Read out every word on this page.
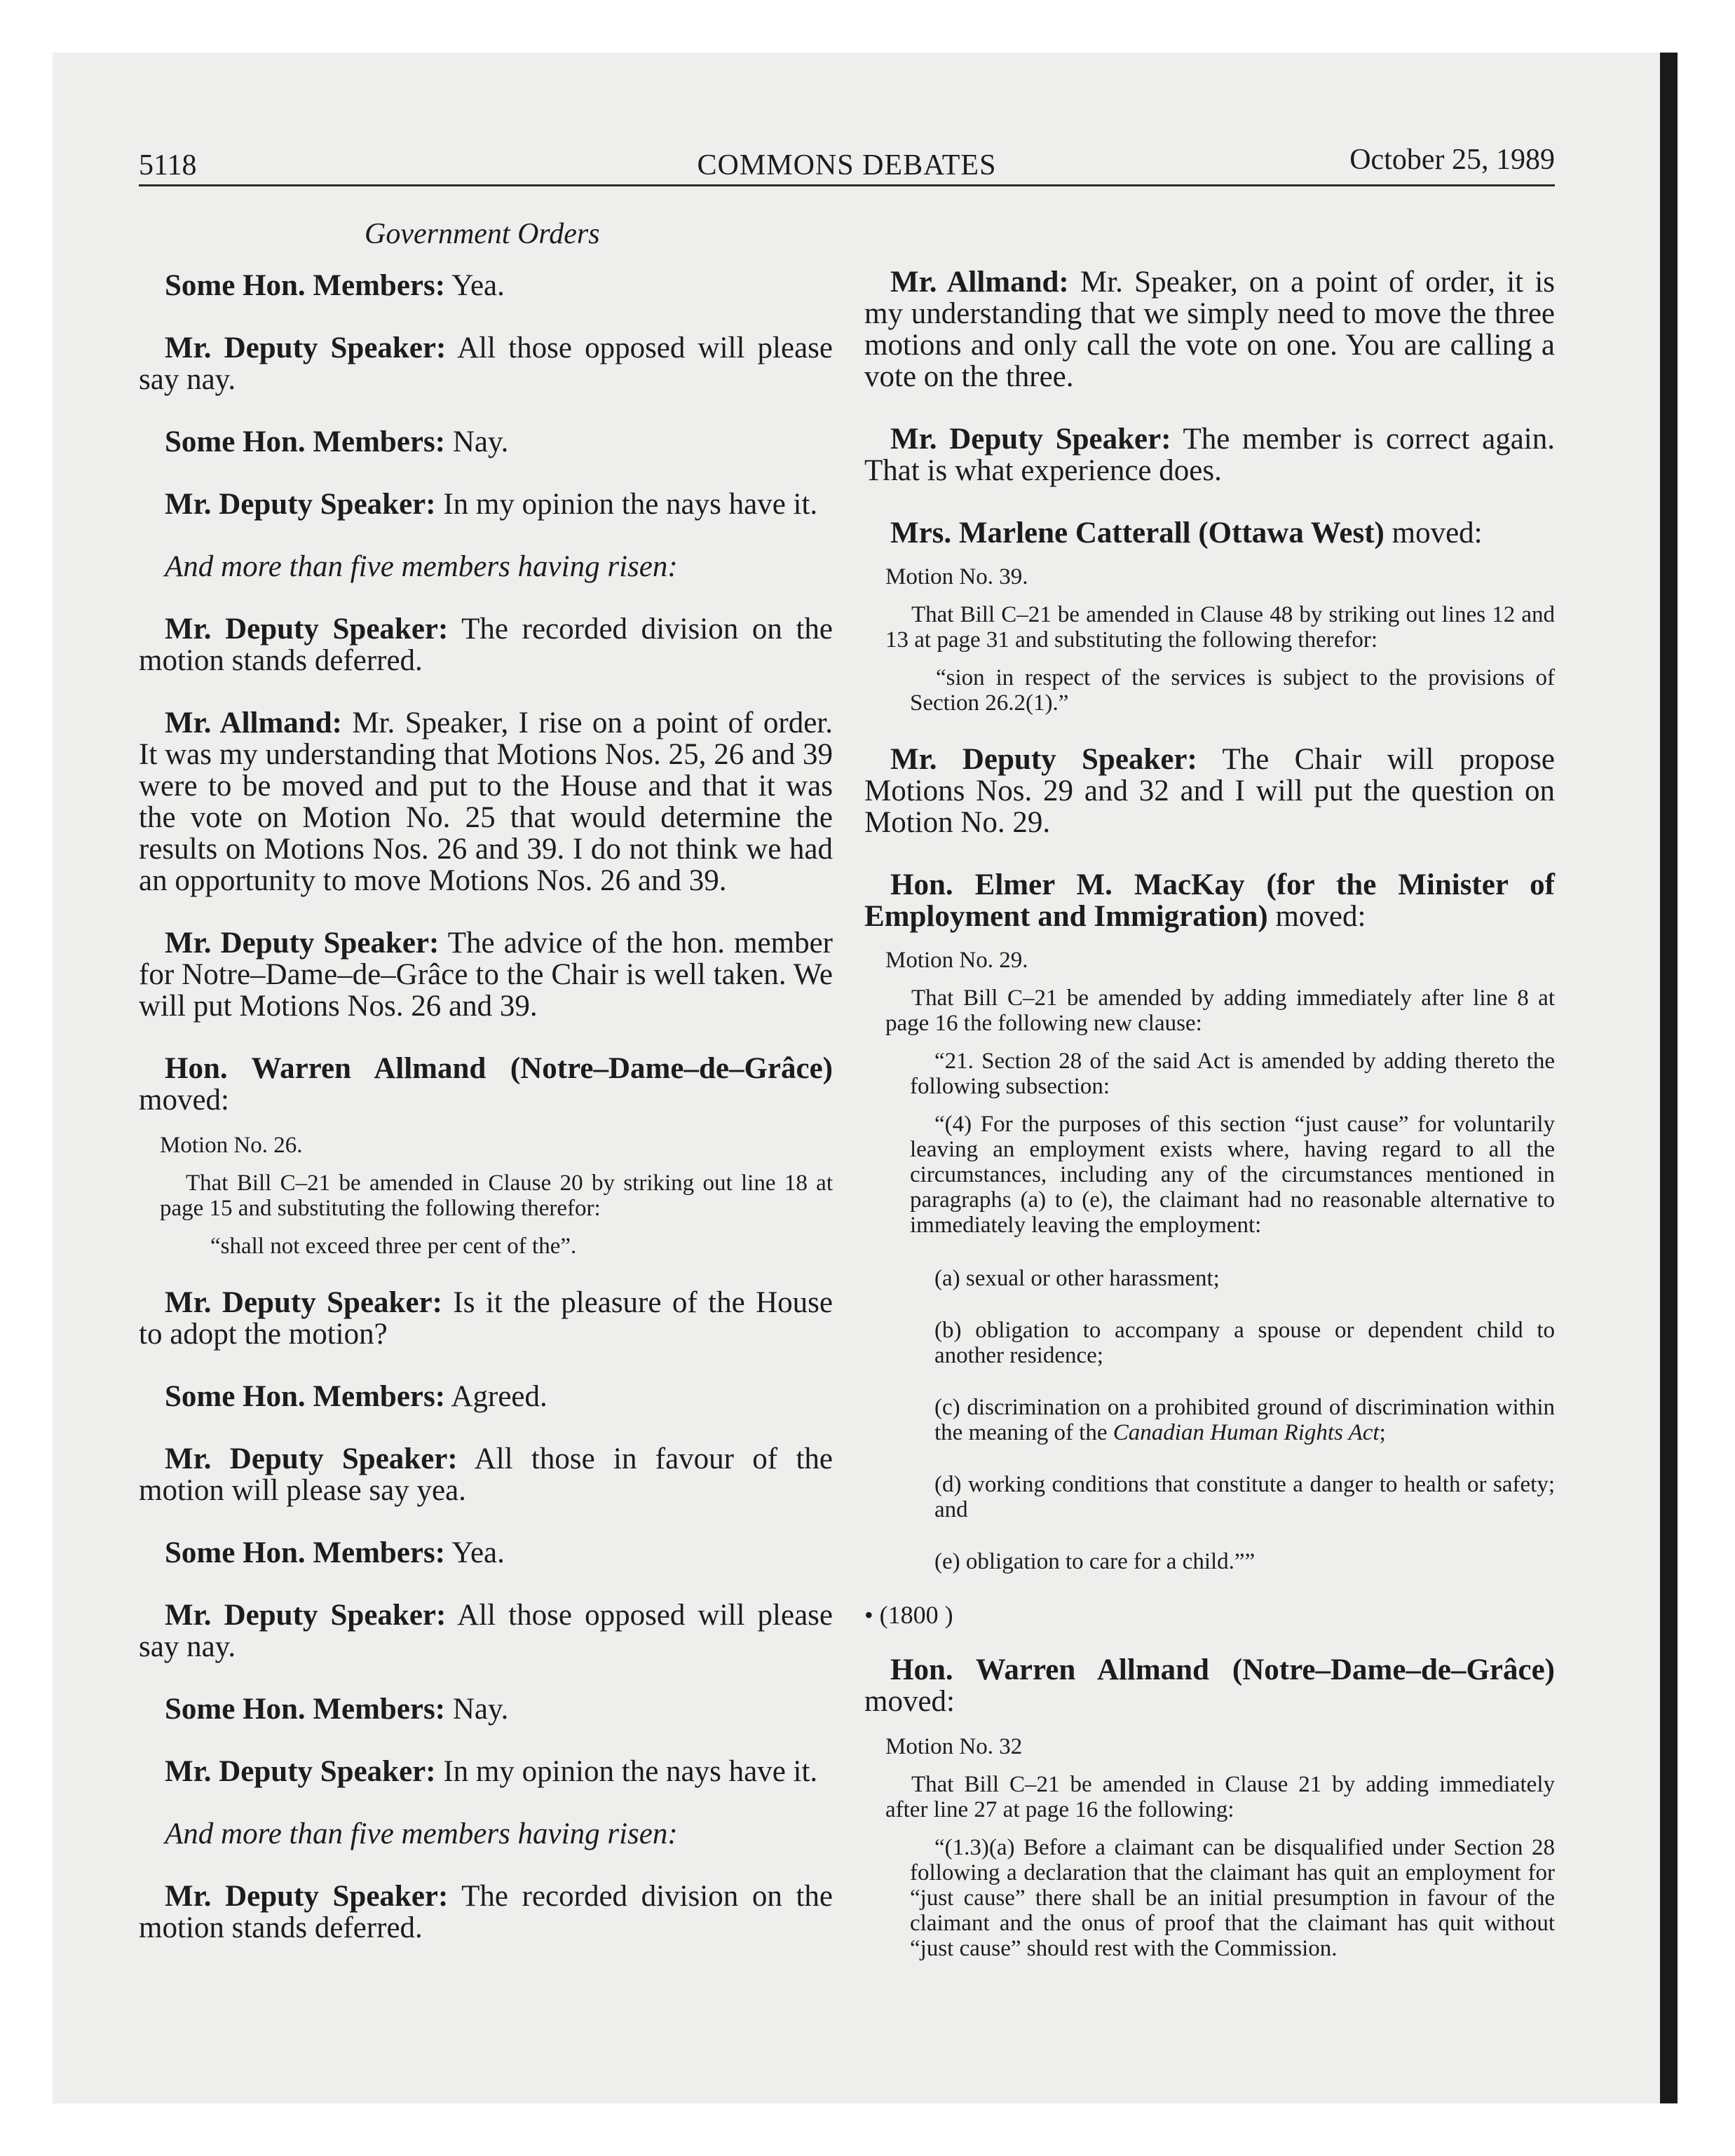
5118	COMMONS DEBATES	October 25, 1989
Government Orders

Some Hon. Members: Yea.

Mr. Deputy Speaker: All those opposed will please say nay.

Some Hon. Members: Nay.

Mr. Deputy Speaker: In my opinion the nays have it.

And more than five members having risen:

Mr. Deputy Speaker: The recorded division on the motion stands deferred.

Mr. Allmand: Mr. Speaker, I rise on a point of order. It was my understanding that Motions Nos. 25, 26 and 39 were to be moved and put to the House and that it was the vote on Motion No. 25 that would determine the results on Motions Nos. 26 and 39. I do not think we had an opportunity to move Motions Nos. 26 and 39.

Mr. Deputy Speaker: The advice of the hon. member for Notre–Dame–de–Grâce to the Chair is well taken. We will put Motions Nos. 26 and 39.

Hon. Warren Allmand (Notre–Dame–de–Grâce) moved:

Motion No. 26.
That Bill C–21 be amended in Clause 20 by striking out line 18 at page 15 and substituting the following therefor:
“shall not exceed three per cent of the”.

Mr. Deputy Speaker: Is it the pleasure of the House to adopt the motion?

Some Hon. Members: Agreed.

Mr. Deputy Speaker: All those in favour of the motion will please say yea.

Some Hon. Members: Yea.

Mr. Deputy Speaker: All those opposed will please say nay.

Some Hon. Members: Nay.

Mr. Deputy Speaker: In my opinion the nays have it.

And more than five members having risen:

Mr. Deputy Speaker: The recorded division on the motion stands deferred.

Mr. Allmand: Mr. Speaker, on a point of order, it is my understanding that we simply need to move the three motions and only call the vote on one. You are calling a vote on the three.

Mr. Deputy Speaker: The member is correct again. That is what experience does.

Mrs. Marlene Catterall (Ottawa West) moved:

Motion No. 39.
That Bill C–21 be amended in Clause 48 by striking out lines 12 and 13 at page 31 and substituting the following therefor:
“sion in respect of the services is subject to the provisions of Section 26.2(1).”

Mr. Deputy Speaker: The Chair will propose Motions Nos. 29 and 32 and I will put the question on Motion No. 29.

Hon. Elmer M. MacKay (for the Minister of Employment and Immigration) moved:

Motion No. 29.
That Bill C–21 be amended by adding immediately after line 8 at page 16 the following new clause:
“21. Section 28 of the said Act is amended by adding thereto the following subsection:
“(4) For the purposes of this section “just cause” for voluntarily leaving an employment exists where, having regard to all the circumstances, including any of the circumstances mentioned in paragraphs (a) to (e), the claimant had no reasonable alternative to immediately leaving the employment:
(a) sexual or other harassment;
(b) obligation to accompany a spouse or dependent child to another residence;
(c) discrimination on a prohibited ground of discrimination within the meaning of the Canadian Human Rights Act;
(d) working conditions that constitute a danger to health or safety; and
(e) obligation to care for a child.””
• (1800 )

Hon. Warren Allmand (Notre–Dame–de–Grâce) moved:

Motion No. 32
That Bill C–21 be amended in Clause 21 by adding immediately after line 27 at page 16 the following:
“(1.3)(a) Before a claimant can be disqualified under Section 28 following a declaration that the claimant has quit an employment for “just cause” there shall be an initial presumption in favour of the claimant and the onus of proof that the claimant has quit without “just cause” should rest with the Commission.
